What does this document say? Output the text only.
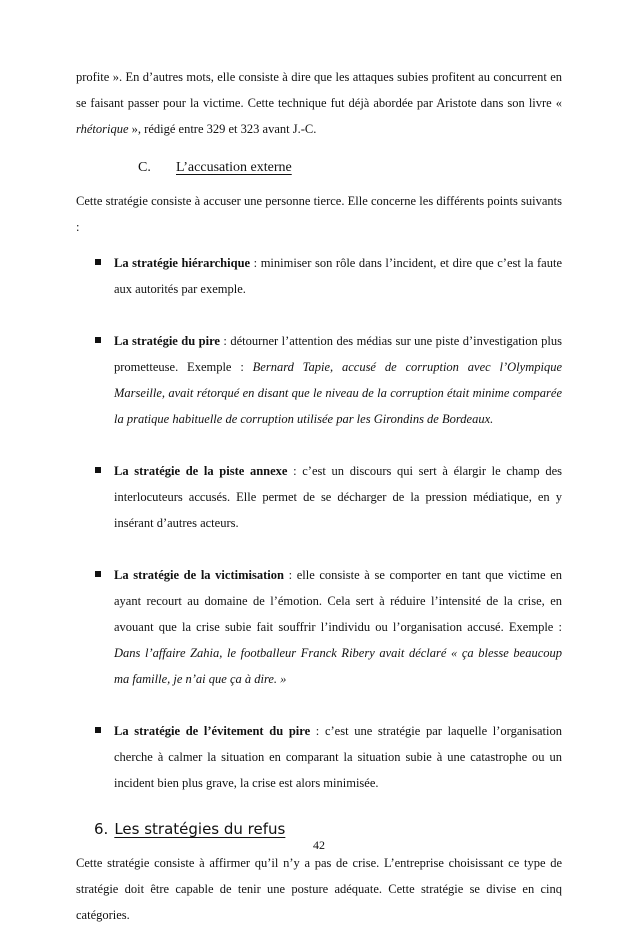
profite ». En d’autres mots, elle consiste à dire que les attaques subies profitent au concurrent en se faisant passer pour la victime. Cette technique fut déjà abordée par Aristote dans son livre « rhétorique », rédigé entre 329 et 323 avant J.-C.

C. L’accusation externe

Cette stratégie consiste à accuser une personne tierce. Elle concerne les différents points suivants :

La stratégie hiérarchique : minimiser son rôle dans l’incident, et dire que c’est la faute aux autorités par exemple.

La stratégie du pire : détourner l’attention des médias sur une piste d’investigation plus prometteuse. Exemple : Bernard Tapie, accusé de corruption avec l’Olympique Marseille, avait rétorqué en disant que le niveau de la corruption était minime comparée la pratique habituelle de corruption utilisée par les Girondins de Bordeaux.

La stratégie de la piste annexe : c’est un discours qui sert à élargir le champ des interlocuteurs accusés. Elle permet de se décharger de la pression médiatique, en y insérant d’autres acteurs.

La stratégie de la victimisation : elle consiste à se comporter en tant que victime en ayant recourt au domaine de l’émotion. Cela sert à réduire l’intensité de la crise, en avouant que la crise subie fait souffrir l’individu ou l’organisation accusé. Exemple : Dans l’affaire Zahia, le footballeur Franck Ribery avait déclaré « ça blesse beaucoup ma famille, je n’ai que ça à dire. »

La stratégie de l’évitement du pire : c’est une stratégie par laquelle l’organisation cherche à calmer la situation en comparant la situation subie à une catastrophe ou un incident bien plus grave, la crise est alors minimisée.

6. Les stratégies du refus

Cette stratégie consiste à affirmer qu’il n’y a pas de crise. L’entreprise choisissant ce type de stratégie doit être capable de tenir une posture adéquate. Cette stratégie se divise en cinq catégories.

42
